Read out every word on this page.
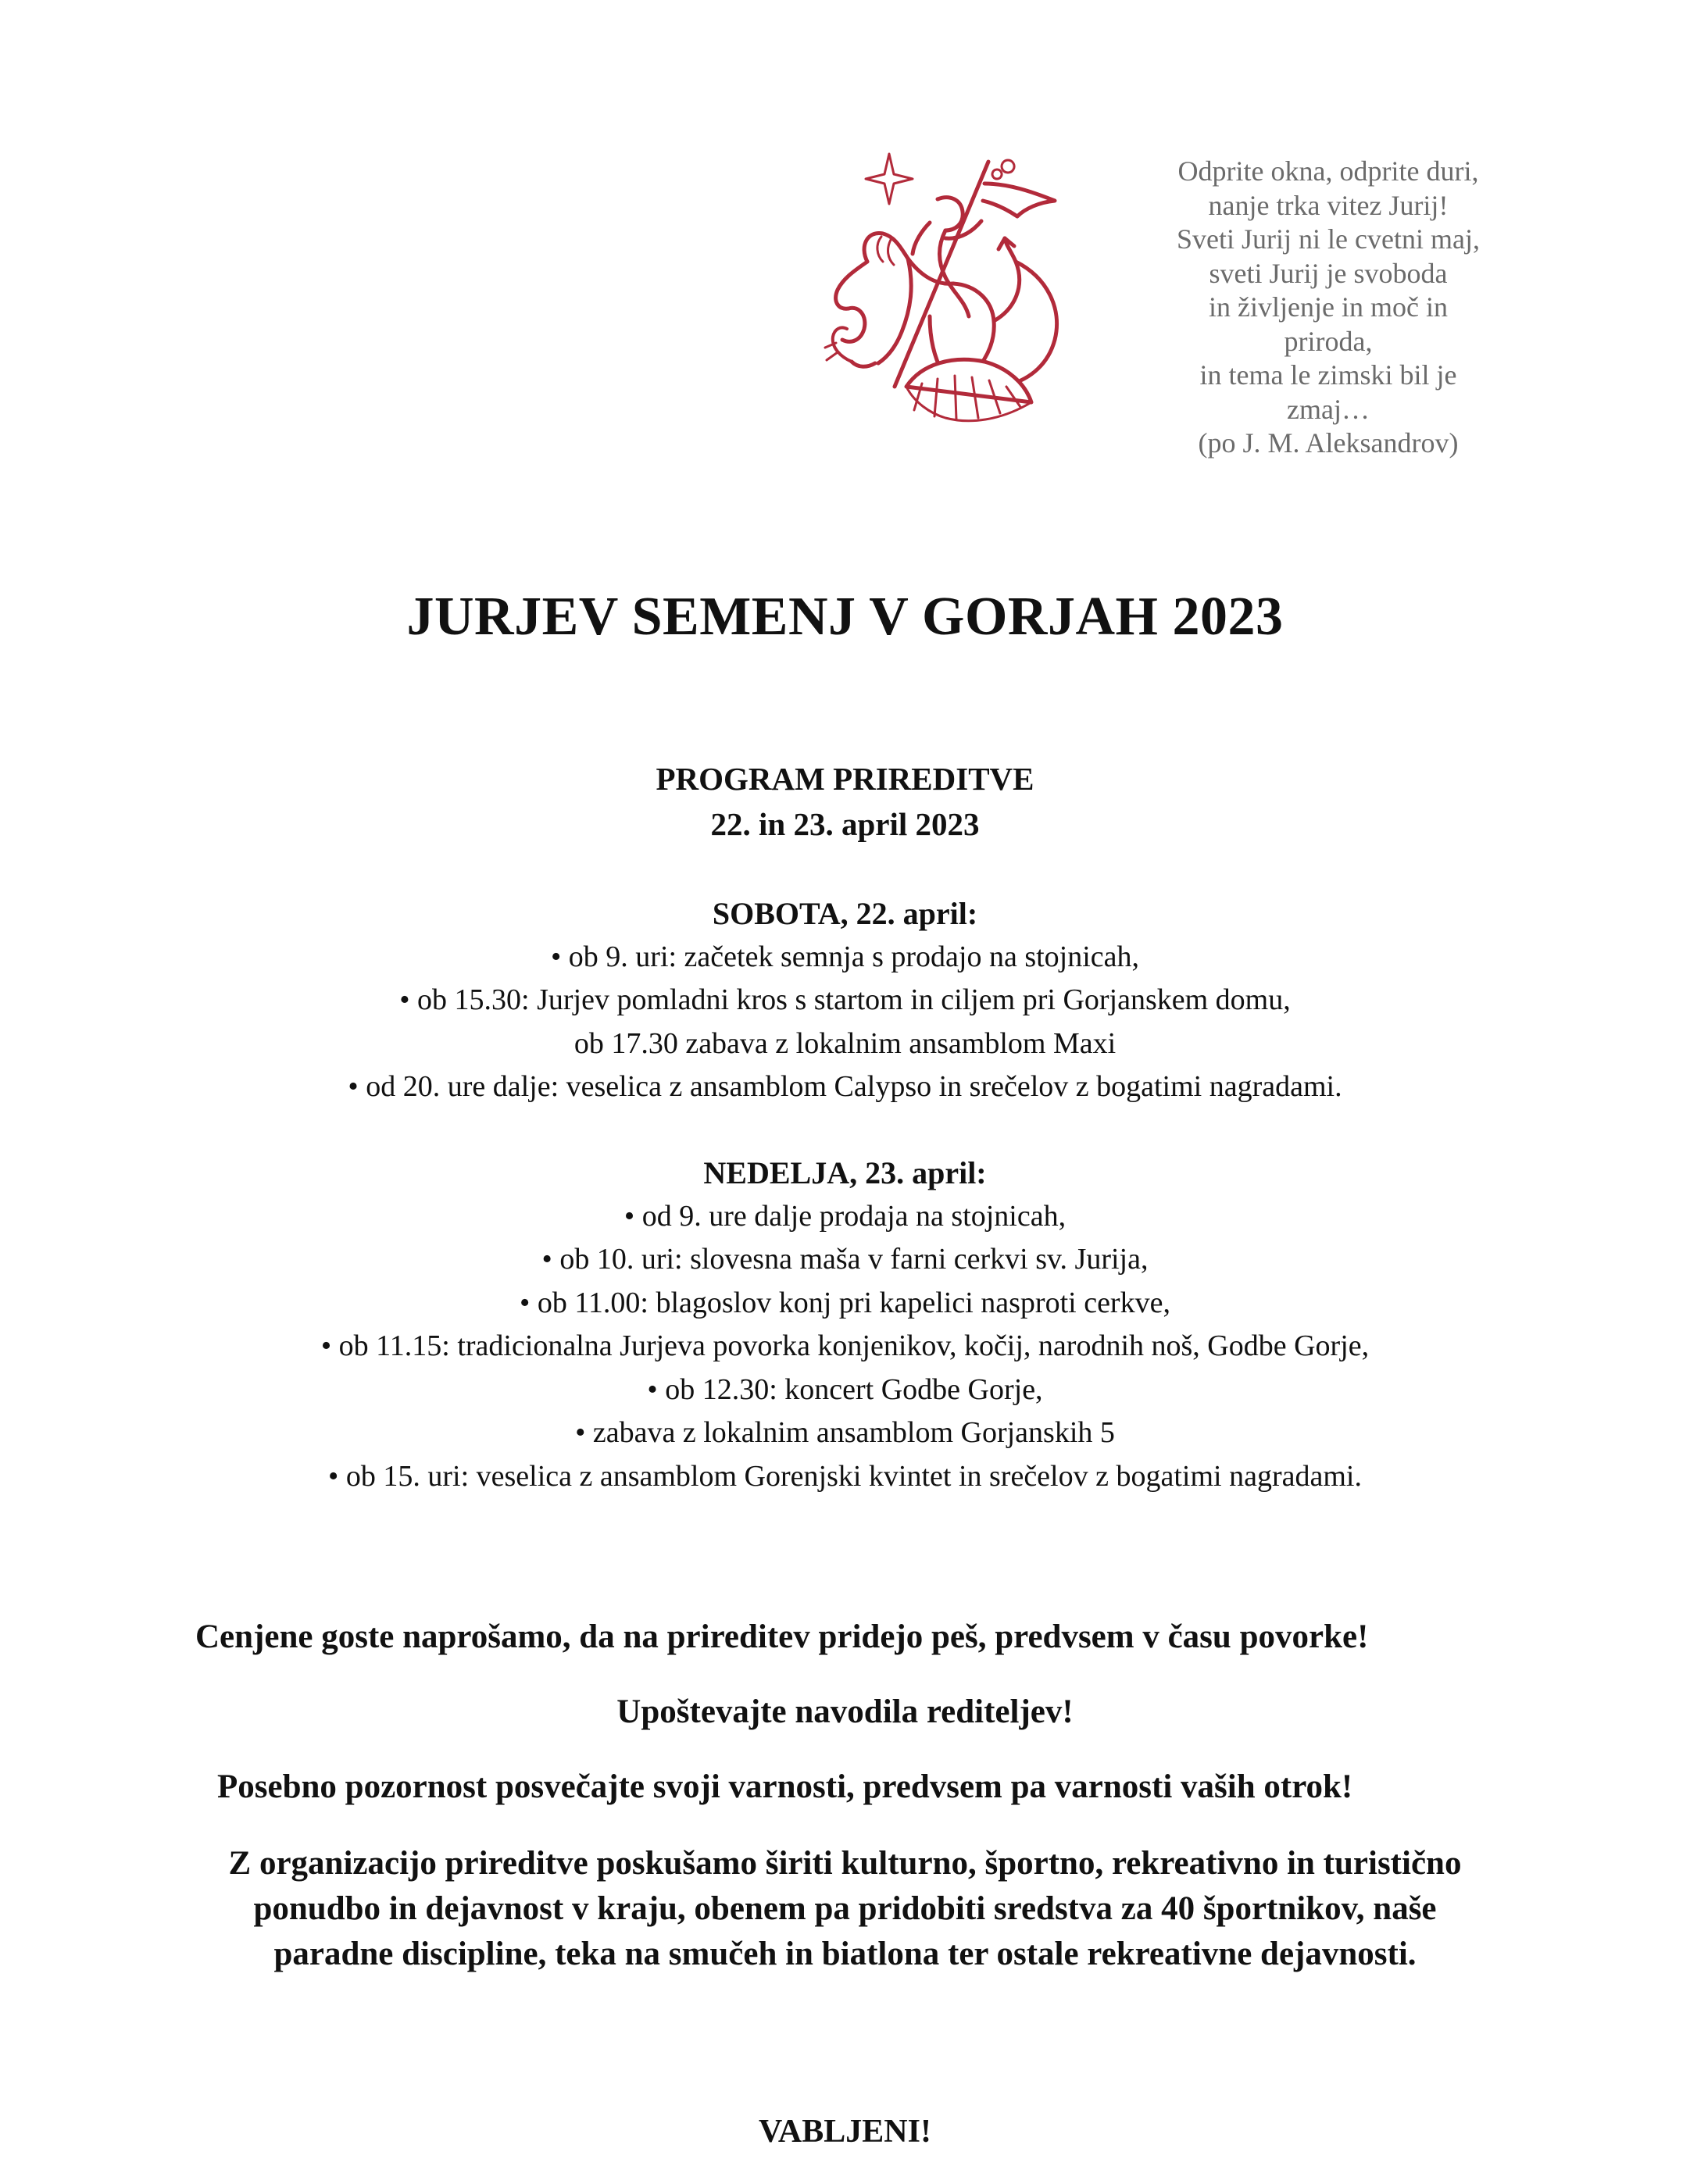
Odprite okna, odprite duri,
nanje trka vitez Jurij!
Sveti Jurij ni le cvetni maj,
sveti Jurij je svoboda
in življenje in moč in
priroda,
in tema le zimski bil je
zmaj…
(po J. M. Aleksandrov)
JURJEV SEMENJ V GORJAH 2023
PROGRAM PRIREDITVE
22. in 23. april 2023
SOBOTA, 22. april:
• ob 9. uri: začetek semnja s prodajo na stojnicah,
• ob 15.30: Jurjev pomladni kros s startom in ciljem pri Gorjanskem domu,
ob 17.30 zabava z lokalnim ansamblom Maxi
• od 20. ure dalje: veselica z ansamblom Calypso in srečelov z bogatimi nagradami.
NEDELJA, 23. april:
• od 9. ure dalje prodaja na stojnicah,
• ob 10. uri: slovesna maša v farni cerkvi sv. Jurija,
• ob 11.00: blagoslov konj pri kapelici nasproti cerkve,
• ob 11.15: tradicionalna Jurjeva povorka konjenikov, kočij, narodnih noš, Godbe Gorje,
• ob 12.30: koncert Godbe Gorje,
• zabava z lokalnim ansamblom Gorjanskih 5
• ob 15. uri: veselica z ansamblom Gorenjski kvintet in srečelov z bogatimi nagradami.
Cenjene goste naprošamo, da na prireditev pridejo peš, predvsem v času povorke!
Upoštevajte navodila rediteljev!
Posebno pozornost posvečajte svoji varnosti, predvsem pa varnosti vaših otrok!
Z organizacijo prireditve poskušamo širiti kulturno, športno, rekreativno in turistično
ponudbo in dejavnost v kraju, obenem pa pridobiti sredstva za 40 športnikov, naše
paradne discipline, teka na smučeh in biatlona ter ostale rekreativne dejavnosti.
VABLJENI!
